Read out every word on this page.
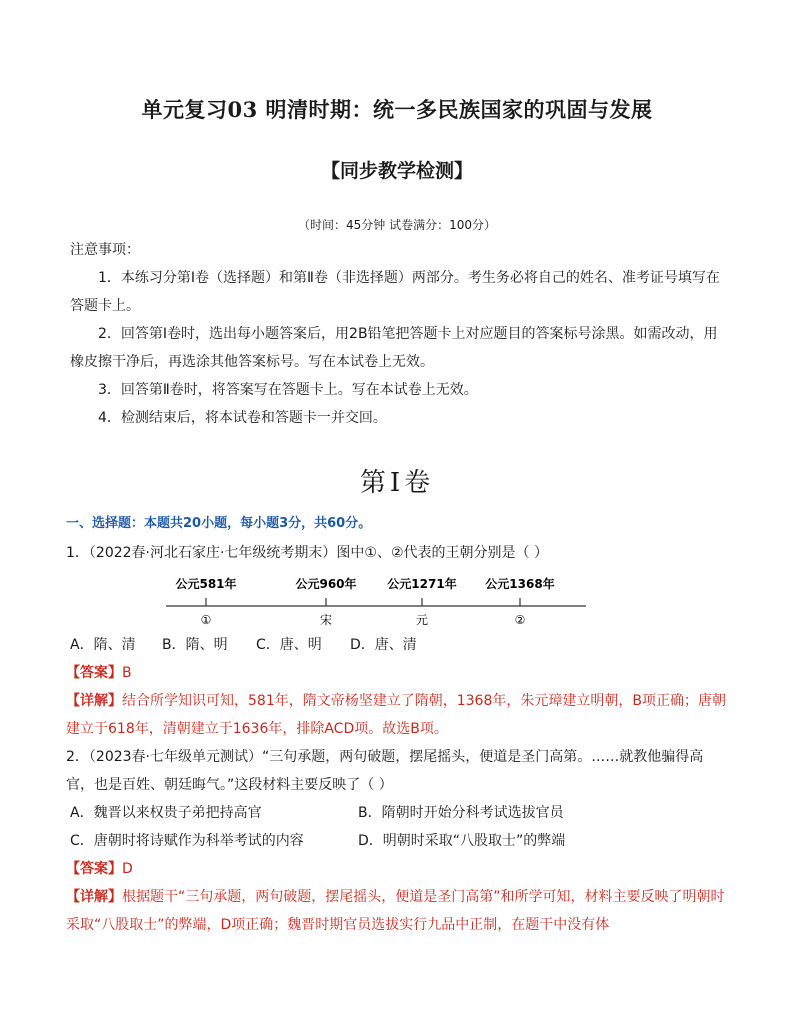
单元复习03 明清时期：统一多民族国家的巩固与发展
【同步教学检测】
（时间：45分钟 试卷满分：100分）
注意事项：
1．本练习分第Ⅰ卷（选择题）和第Ⅱ卷（非选择题）两部分。考生务必将自己的姓名、准考证号填写在答题卡上。
2．回答第Ⅰ卷时，选出每小题答案后，用2B铅笔把答题卡上对应题目的答案标号涂黑。如需改动，用橡皮擦干净后，再选涂其他答案标号。写在本试卷上无效。
3．回答第Ⅱ卷时，将答案写在答题卡上。写在本试卷上无效。
4．检测结束后，将本试卷和答题卡一并交回。
第Ⅰ卷
一、选择题：本题共20小题，每小题3分，共60分。
1．（2022春·河北石家庄·七年级统考期末）图中①、②代表的王朝分别是（ ）
公元581年
①
公元960年
宋
公元1271年
元
公元1368年
②
A．隋、清 B．隋、明 C．唐、明 D．唐、清
【答案】B
【详解】结合所学知识可知，581年，隋文帝杨坚建立了隋朝，1368年，朱元璋建立明朝，B项正确；唐朝建立于618年，清朝建立于1636年，排除ACD项。故选B项。
2．（2023春·七年级单元测试）“三句承题，两句破题，摆尾摇头，便道是圣门高第。……就教他骗得高官，也是百姓、朝廷晦气。”这段材料主要反映了（ ）
A．魏晋以来权贵子弟把持高官	B．隋朝时开始分科考试选拔官员
C．唐朝时将诗赋作为科举考试的内容	D．明朝时采取“八股取士”的弊端
【答案】D
【详解】根据题干“三句承题，两句破题，摆尾摇头，便道是圣门高第”和所学可知，材料主要反映了明朝时采取“八股取士”的弊端，D项正确；魏晋时期官员选拔实行九品中正制，在题干中没有体
